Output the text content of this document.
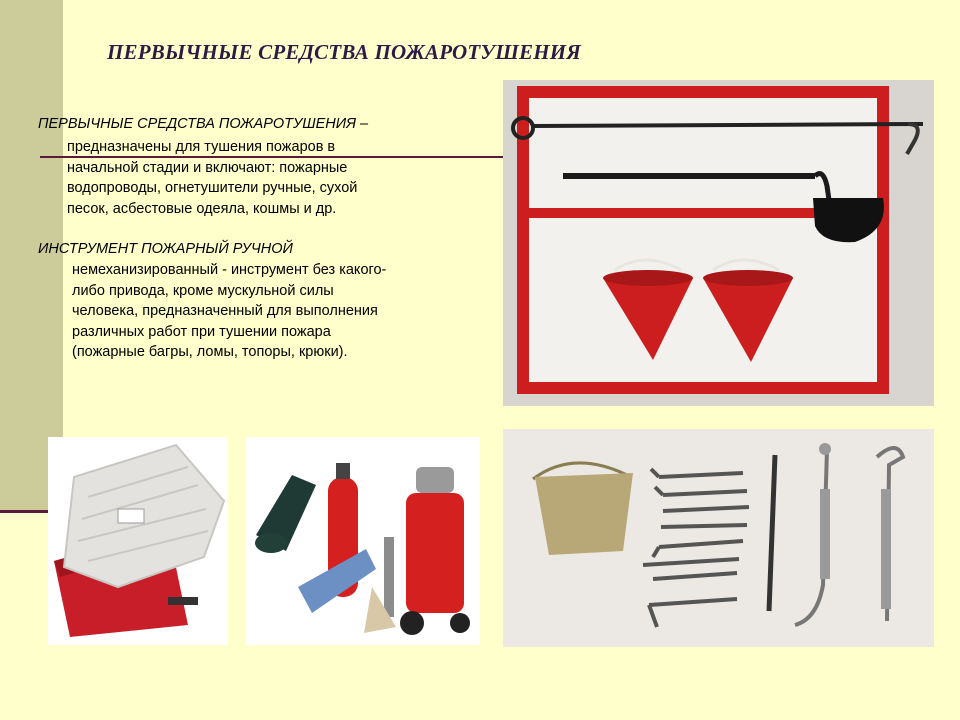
ПЕРВЫЧНЫЕ СРЕДСТВА ПОЖАРОТУШЕНИЯ
ПЕРВЫЧНЫЕ СРЕДСТВА ПОЖАРОТУШЕНИЯ –
предназначены для тушения пожаров в
начальной стадии и включают: пожарные
водопроводы, огнетушители ручные, сухой
песок, асбестовые одеяла, кошмы и др.
ИНСТРУМЕНТ ПОЖАРНЫЙ РУЧНОЙ
немеханизированный - инструмент без какого-
либо привода, кроме мускульной силы
человека, предназначенный для выполнения
различных работ при тушении пожара
(пожарные багры, ломы, топоры, крюки).
